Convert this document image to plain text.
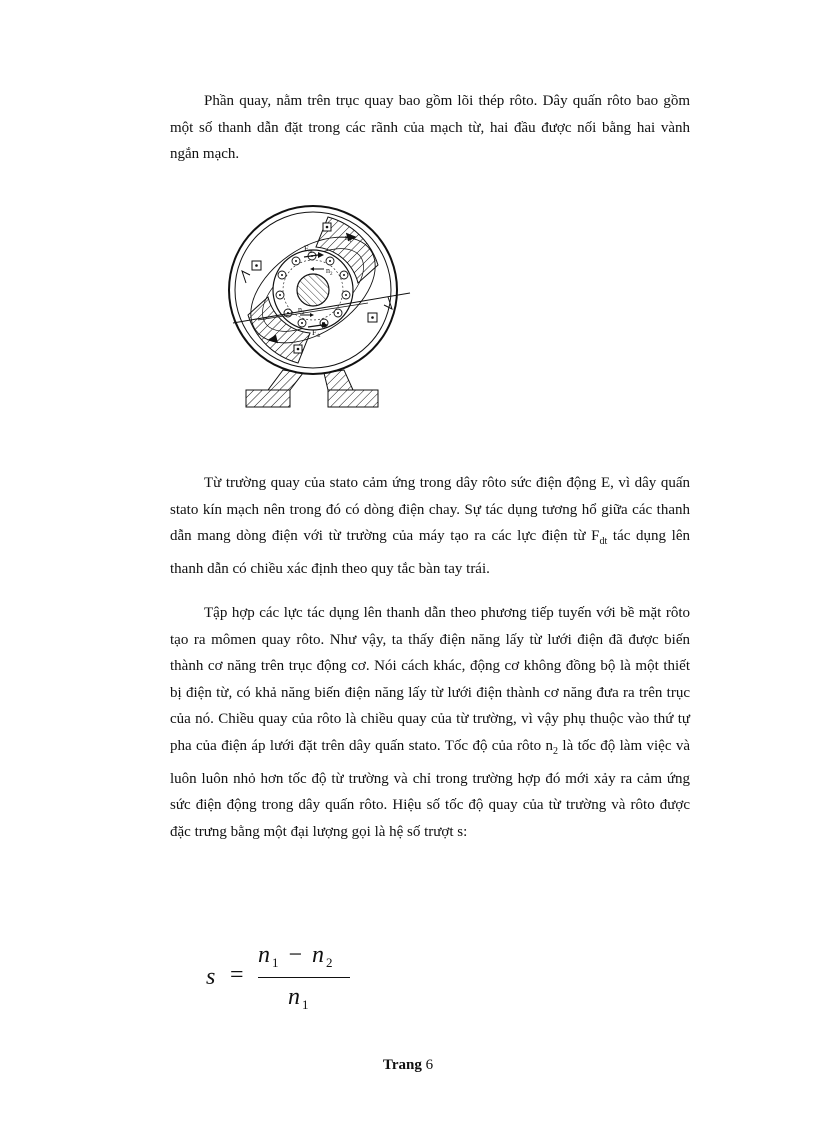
Phần quay, nằm trên trục quay bao gồm lõi thép rôto. Dây quấn rôto bao gồm một số thanh dẫn đặt trong các rãnh của mạch từ, hai đầu được nối bằng hai vành ngắn mạch.

$F_{dt}$
$n_2$
$n_2$
$F_{dt}$
$n_1$

Từ trường quay của stato cảm ứng trong dây rôto sức điện động E, vì dây quấn stato kín mạch nên trong đó có dòng điện chay. Sự tác dụng tương hổ giữa các thanh dẫn mang dòng điện với từ trường của máy tạo ra các lực điện từ $F_{dt}$ tác dụng lên thanh dẫn có chiều xác định theo quy tắc bàn tay trái.

Tập hợp các lực tác dụng lên thanh dẫn theo phương tiếp tuyến với bề mặt rôto tạo ra mômen quay rôto. Như vậy, ta thấy điện năng lấy từ lưới điện đã được biến thành cơ năng trên trục động cơ. Nói cách khác, động cơ không đồng bộ là một thiết bị điện từ, có khả năng biến điện năng lấy từ lưới điện thành cơ năng đưa ra trên trục của nó. Chiều quay của rôto là chiều quay của từ trường, vì vậy phụ thuộc vào thứ tự pha của điện áp lưới đặt trên dây quấn stato. Tốc độ của rôto $n_2$ là tốc độ làm việc và luôn luôn nhỏ hơn tốc độ từ trường và chỉ trong trường hợp đó mới xảy ra cảm ứng sức điện động trong dây quấn rôto. Hiệu số tốc độ quay của từ trường và rôto được đặc trưng bằng một đại lượng gọi là hệ số trượt s:

s =
n $_1$ − n $_2$
n $_1$
Trang 6
